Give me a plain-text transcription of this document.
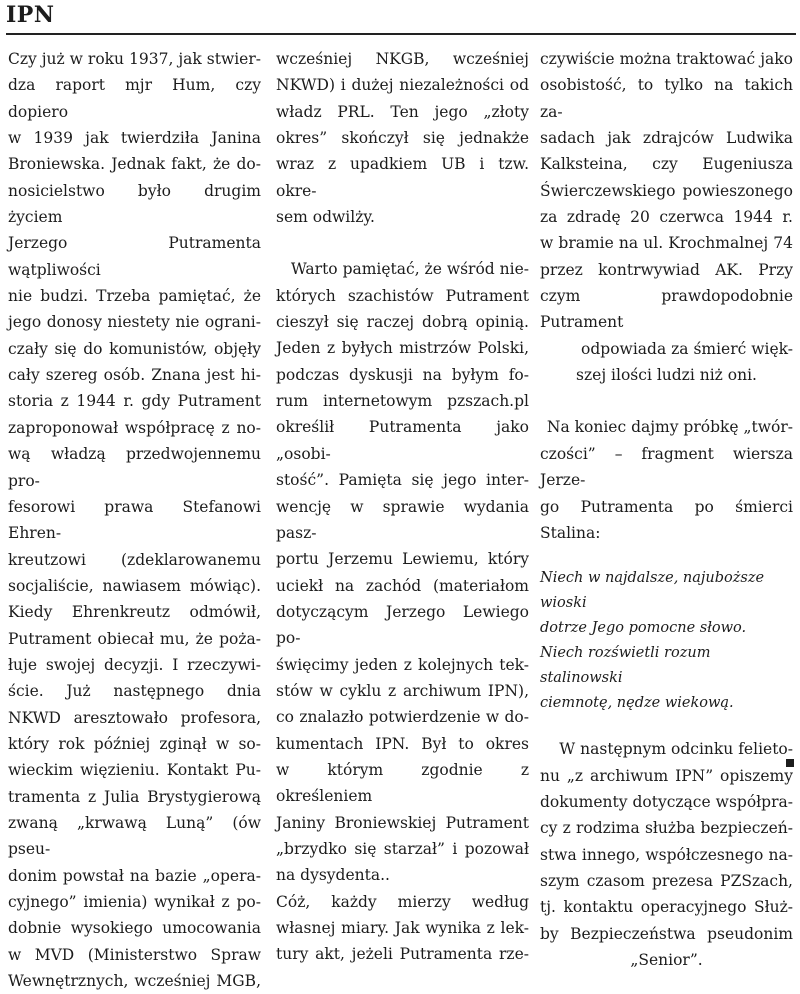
IPN

Czy już w roku 1937, jak stwier-

dza raport mjr Hum, czy dopiero

w 1939 jak twierdziła Janina

Broniewska. Jednak fakt, że do-

nosicielstwo było drugim życiem

Jerzego Putramenta wątpliwości

nie budzi. Trzeba pamiętać, że

jego donosy niestety nie ograni-

czały się do komunistów, objęły

cały szereg osób. Znana jest hi-

storia z 1944 r. gdy Putrament

zaproponował współpracę z no-

wą władzą przedwojennemu pro-

fesorowi prawa Stefanowi Ehren-

kreutzowi (zdeklarowanemu

socjaliście, nawiasem mówiąc).

Kiedy Ehrenkreutz odmówił,

Putrament obiecał mu, że poża-

łuje swojej decyzji. I rzeczywi-

ście. Już następnego dnia

NKWD aresztowało profesora,

który rok później zginął w so-

wieckim więzieniu. Kontakt Pu-

tramenta z Julia Brystygierową

zwaną „krwawą Luną” (ów pseu-

donim powstał na bazie „opera-

cyjnego” imienia) wynikał z po-

dobnie wysokiego umocowania

w MVD (Ministerstwo Spraw

Wewnętrznych, wcześniej MGB,

wcześniej NKGB, wcześniej

NKWD) i dużej niezależności od

władz PRL. Ten jego „złoty

okres” skończył się jednakże

wraz z upadkiem UB i tzw. okre-

sem odwilży.

Warto pamiętać, że wśród nie-

których szachistów Putrament

cieszył się raczej dobrą opinią.

Jeden z byłych mistrzów Polski,

podczas dyskusji na byłym fo-

rum internetowym pzszach.pl

określił Putramenta jako „osobi-

stość”. Pamięta się jego inter-

wencję w sprawie wydania pasz-

portu Jerzemu Lewiemu, który

uciekł na zachód (materiałom

dotyczącym Jerzego Lewiego po-

święcimy jeden z kolejnych tek-

stów w cyklu z archiwum IPN),

co znalazło potwierdzenie w do-

kumentach IPN. Był to okres

w którym zgodnie z określeniem

Janiny Broniewskiej Putrament

„brzydko się starzał” i pozował

na dysydenta..

Cóż, każdy mierzy według

własnej miary. Jak wynika z lek-

tury akt, jeżeli Putramenta rze-

czywiście można traktować jako

osobistość, to tylko na takich za-

sadach jak zdrajców Ludwika

Kalksteina, czy Eugeniusza

Świerczewskiego powieszonego

za zdradę 20 czerwca 1944 r.

w bramie na ul. Krochmalnej 74

przez kontrwywiad AK. Przy

czym prawdopodobnie Putrament

odpowiada za śmierć więk-

szej ilości ludzi niż oni.

Na koniec dajmy próbkę „twór-

czości” – fragment wiersza Jerze-

go Putramenta po śmierci Stalina:

Niech w najdalsze, najuboższe wioski

dotrze Jego pomocne słowo.

Niech rozświetli rozum stalinowski

ciemnotę, nędze wiekową.

W następnym odcinku felieto-

nu „z archiwum IPN” opiszemy

dokumenty dotyczące współpra-

cy z rodzima służba bezpieczeń-

stwa innego, współczesnego na-

szym czasom prezesa PZSzach,

tj. kontaktu operacyjnego Służ-

by Bezpieczeństwa pseudonim

„Senior”.
